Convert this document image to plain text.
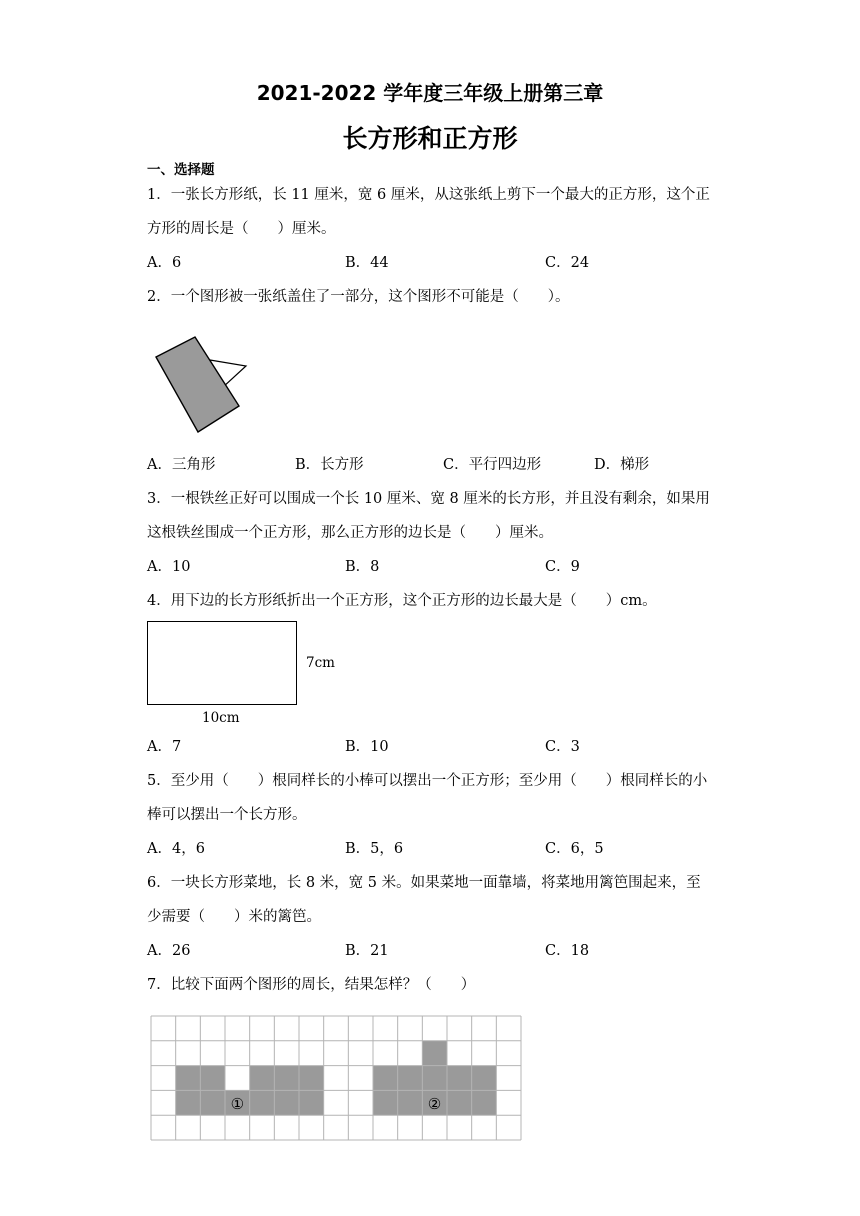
2021-2022 学年度三年级上册第三章
长方形和正方形
一、选择题
1．一张长方形纸，长 11 厘米，宽 6 厘米，从这张纸上剪下一个最大的正方形，这个正
方形的周长是（　　）厘米。
A．6	B．44	C．24
2．一个图形被一张纸盖住了一部分，这个图形不可能是（　　）。
A．三角形	B．长方形	C．平行四边形	D．梯形
3．一根铁丝正好可以围成一个长 10 厘米、宽 8 厘米的长方形，并且没有剩余，如果用
这根铁丝围成一个正方形，那么正方形的边长是（　　）厘米。
A．10	B．8	C．9
4．用下边的长方形纸折出一个正方形，这个正方形的边长最大是（　　）cm。
7cm
10cm
A．7	B．10	C．3
5．至少用（　　）根同样长的小棒可以摆出一个正方形；至少用（　　）根同样长的小
棒可以摆出一个长方形。
A．4，6	B．5，6	C．6，5
6．一块长方形菜地，长 8 米，宽 5 米。如果菜地一面靠墙，将菜地用篱笆围起来，至
少需要（　　）米的篱笆。
A．26	B．21	C．18
7．比较下面两个图形的周长，结果怎样？（　　）
①	②
